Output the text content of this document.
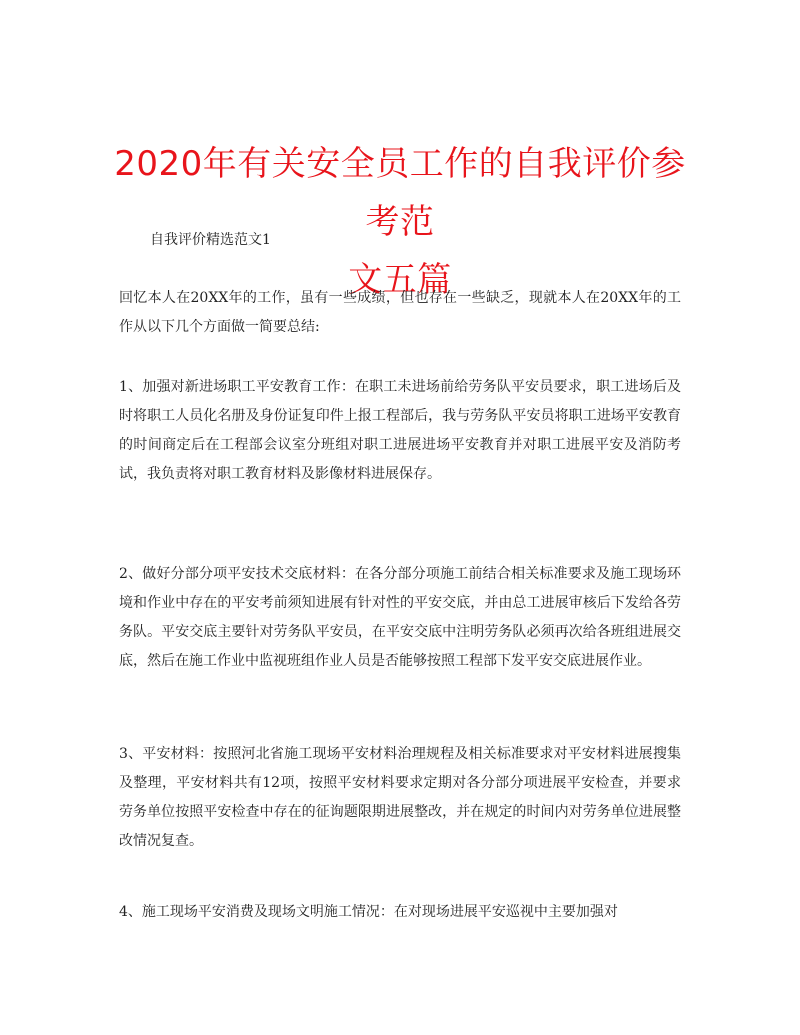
2020年有关安全员工作的自我评价参考范
文五篇

自我评价精选范文1

回忆本人在20XX年的工作，虽有一些成绩，但也存在一些缺乏，现就本人在20XX年的工作从以下几个方面做一简要总结:

1、加强对新进场职工平安教育工作：在职工未进场前给劳务队平安员要求，职工进场后及时将职工人员化名册及身份证复印件上报工程部后，我与劳务队平安员将职工进场平安教育的时间商定后在工程部会议室分班组对职工进展进场平安教育并对职工进展平安及消防考试，我负责将对职工教育材料及影像材料进展保存。

2、做好分部分项平安技术交底材料：在各分部分项施工前结合相关标准要求及施工现场环境和作业中存在的平安考前须知进展有针对性的平安交底，并由总工进展审核后下发给各劳务队。平安交底主要针对劳务队平安员，在平安交底中注明劳务队必须再次给各班组进展交底，然后在施工作业中监视班组作业人员是否能够按照工程部下发平安交底进展作业。

3、平安材料：按照河北省施工现场平安材料治理规程及相关标准要求对平安材料进展搜集及整理，平安材料共有12项，按照平安材料要求定期对各分部分项进展平安检查，并要求劳务单位按照平安检查中存在的征询题限期进展整改，并在规定的时间内对劳务单位进展整改情况复查。

4、施工现场平安消费及现场文明施工情况：在对现场进展平安巡视中主要加强对
